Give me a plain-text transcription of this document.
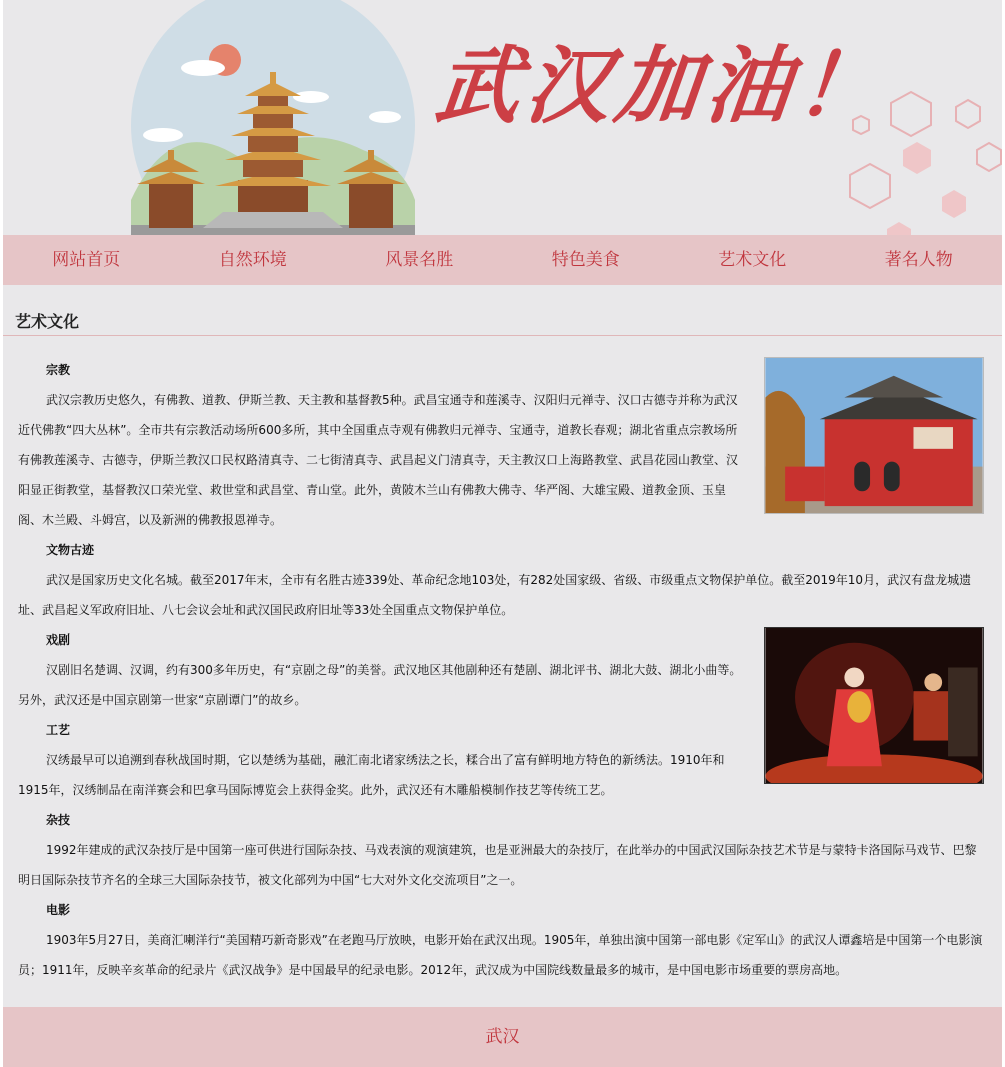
武汉加油！
网站首页	自然环境	风景名胜	特色美食	艺术文化	著名人物
艺术文化
宗教

武汉宗教历史悠久，有佛教、道教、伊斯兰教、天主教和基督教5种。武昌宝通寺和莲溪寺、汉阳归元禅寺、汉口古德寺并称为武汉近代佛教“四大丛林”。全市共有宗教活动场所600多所，其中全国重点寺观有佛教归元禅寺、宝通寺，道教长春观；湖北省重点宗教场所有佛教莲溪寺、古德寺，伊斯兰教汉口民权路清真寺、二七街清真寺、武昌起义门清真寺，天主教汉口上海路教堂、武昌花园山教堂、汉阳显正街教堂，基督教汉口荣光堂、救世堂和武昌堂、青山堂。此外，黄陂木兰山有佛教大佛寺、华严阁、大雄宝殿、道教金顶、玉皇阁、木兰殿、斗姆宫，以及新洲的佛教报恩禅寺。

文物古迹

武汉是国家历史文化名城。截至2017年末，全市有名胜古迹339处、革命纪念地103处，有282处国家级、省级、市级重点文物保护单位。截至2019年10月，武汉有盘龙城遗址、武昌起义军政府旧址、八七会议会址和武汉国民政府旧址等33处全国重点文物保护单位。

戏剧

汉剧旧名楚调、汉调，约有300多年历史，有“京剧之母”的美誉。武汉地区其他剧种还有楚剧、湖北评书、湖北大鼓、湖北小曲等。另外，武汉还是中国京剧第一世家“京剧谭门”的故乡。

工艺

汉绣最早可以追溯到春秋战国时期，它以楚绣为基础，融汇南北诸家绣法之长，糅合出了富有鲜明地方特色的新绣法。1910年和1915年，汉绣制品在南洋赛会和巴拿马国际博览会上获得金奖。此外，武汉还有木雕船模制作技艺等传统工艺。

杂技

1992年建成的武汉杂技厅是中国第一座可供进行国际杂技、马戏表演的观演建筑，也是亚洲最大的杂技厅，在此举办的中国武汉国际杂技艺术节是与蒙特卡洛国际马戏节、巴黎明日国际杂技节齐名的全球三大国际杂技节，被文化部列为中国“七大对外文化交流项目”之一。

电影

1903年5月27日，美商汇喇洋行“美国精巧新奇影戏”在老跑马厅放映，电影开始在武汉出现。1905年，单独出演中国第一部电影《定军山》的武汉人谭鑫培是中国第一个电影演员；1911年，反映辛亥革命的纪录片《武汉战争》是中国最早的纪录电影。2012年，武汉成为中国院线数量最多的城市，是中国电影市场重要的票房高地。

武汉
